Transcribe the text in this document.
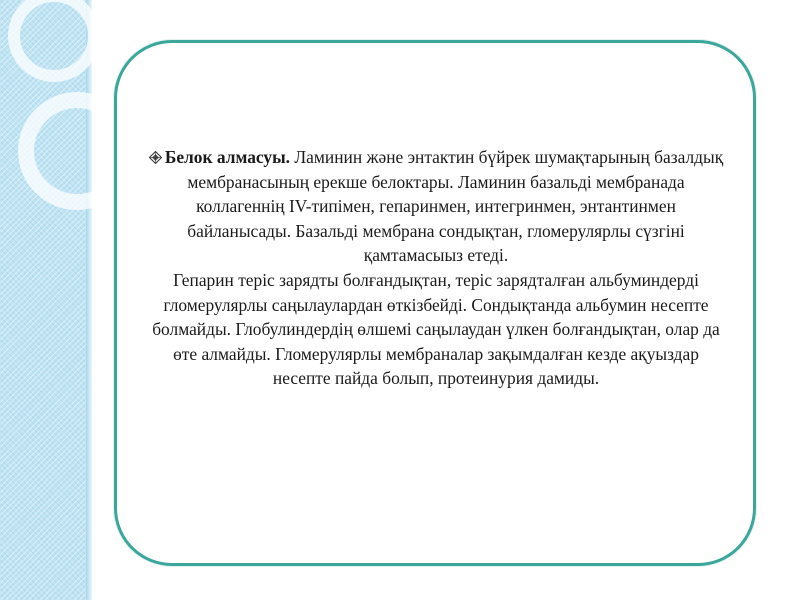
Белок алмасуы. Ламинин және энтактин бүйрек шумақтарының базалдық мембранасының ерекше белоктары. Ламинин базальді мембранада коллагеннің IV-типімен, гепаринмен, интегринмен, энтантинмен байланысады. Базальді мембрана сондықтан, гломерулярлы сүзгіні қамтамасыыз етеді.

Гепарин теріс зарядты болғандықтан, теріс зарядталған альбуминдерді гломерулярлы саңылаулардан өткізбейді. Сондықтанда альбумин несепте болмайды. Глобулиндердің өлшемі саңылаудан үлкен болғандықтан, олар да өте алмайды. Гломерулярлы мембраналар зақымдалған кезде ақуыздар несепте пайда болып, протеинурия дамиды.
